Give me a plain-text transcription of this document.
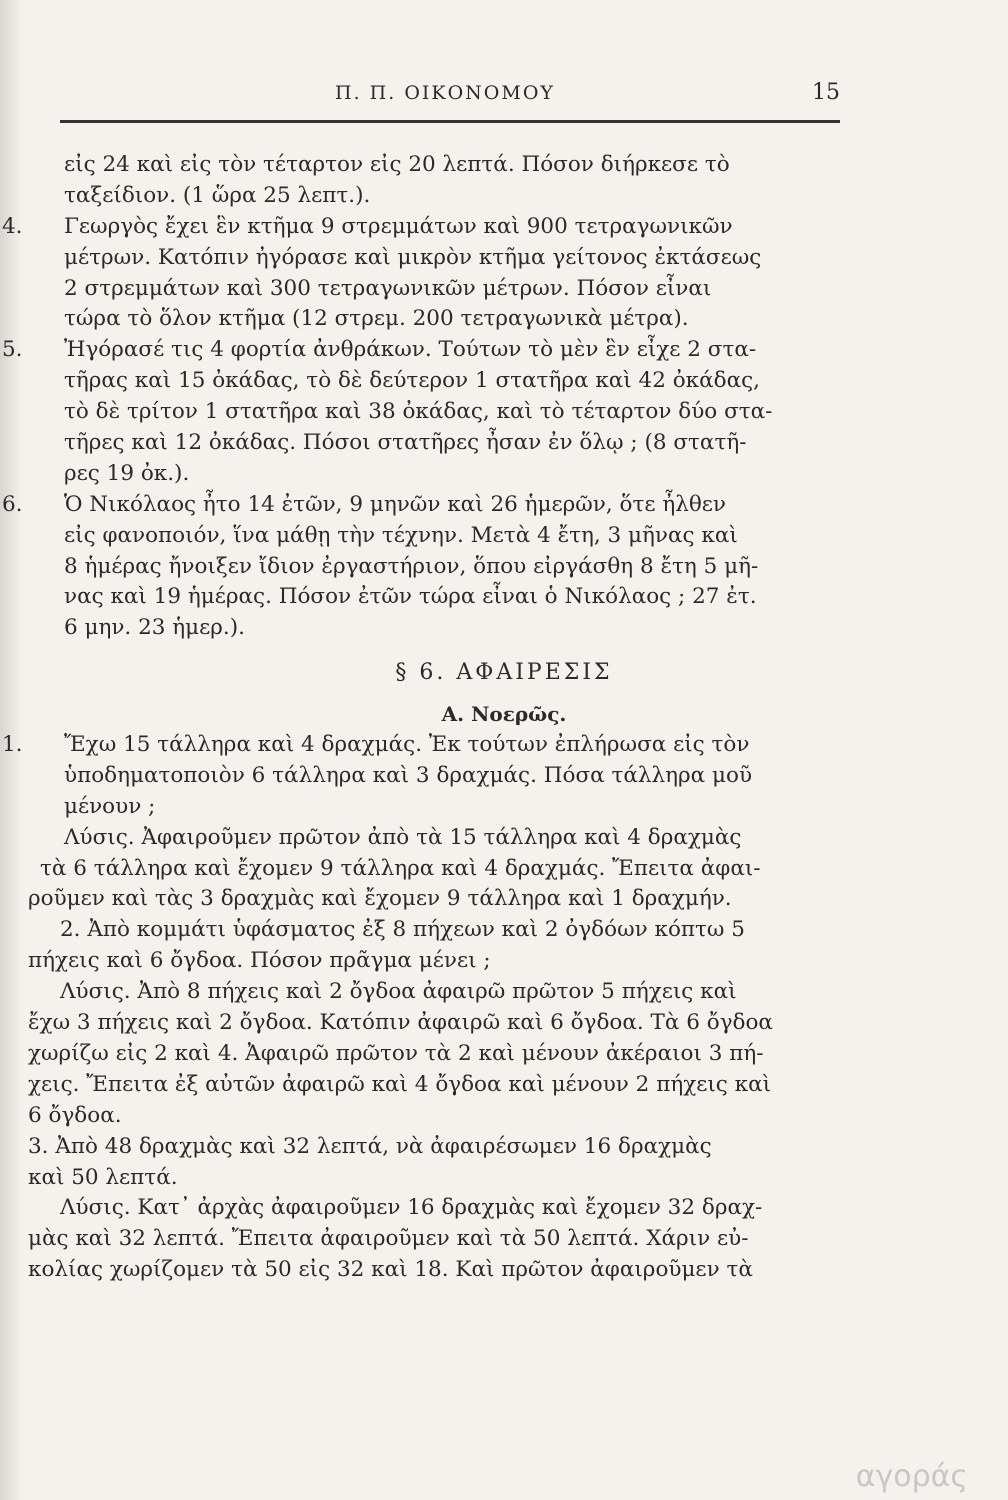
Π. Π. ΟΙΚΟΝΟΜΟΥ	15
εἰς 24 καὶ εἰς τὸν τέταρτον εἰς 20 λεπτά. Πόσον διήρκεσε τὸ
ταξείδιον. (1 ὥρα 25 λεπτ.).
4. Γεωργὸς ἔχει ἓν κτῆμα 9 στρεμμάτων καὶ 900 τετραγωνικῶν
μέτρων. Κατόπιν ἠγόρασε καὶ μικρὸν κτῆμα γείτονος ἐκτάσεως
2 στρεμμάτων καὶ 300 τετραγωνικῶν μέτρων. Πόσον εἶναι
τώρα τὸ ὅλον κτῆμα (12 στρεμ. 200 τετραγωνικὰ μέτρα).
5. Ἠγόρασέ τις 4 φορτία ἀνθράκων. Τούτων τὸ μὲν ἓν εἶχε 2 στα-
τῆρας καὶ 15 ὀκάδας, τὸ δὲ δεύτερον 1 στατῆρα καὶ 42 ὀκάδας,
τὸ δὲ τρίτον 1 στατῆρα καὶ 38 ὀκάδας, καὶ τὸ τέταρτον δύο στα-
τῆρες καὶ 12 ὀκάδας. Πόσοι στατῆρες ἦσαν ἐν ὅλῳ ; (8 στατῆ-
ρες 19 ὀκ.).
6. Ὁ Νικόλαος ἦτο 14 ἐτῶν, 9 μηνῶν καὶ 26 ἡμερῶν, ὅτε ἦλθεν
εἰς φανοποιόν, ἵνα μάθῃ τὴν τέχνην. Μετὰ 4 ἔτη, 3 μῆνας καὶ
8 ἡμέρας ἤνοιξεν ἴδιον ἐργαστήριον, ὅπου εἰργάσθη 8 ἔτη 5 μῆ-
νας καὶ 19 ἡμέρας. Πόσον ἐτῶν τώρα εἶναι ὁ Νικόλαος ; 27 ἐτ.
6 μην. 23 ἡμερ.).
§ 6. ΑΦΑΙΡΕΣΙΣ
Α. Νοερῶς.
1. Ἔχω 15 τάλληρα καὶ 4 δραχμάς. Ἐκ τούτων ἐπλήρωσα εἰς τὸν
ὑποδηματοποιὸν 6 τάλληρα καὶ 3 δραχμάς. Πόσα τάλληρα μοῦ
μένουν ;
Λύσις. Ἀφαιροῦμεν πρῶτον ἀπὸ τὰ 15 τάλληρα καὶ 4 δραχμὰς
τὰ 6 τάλληρα καὶ ἔχομεν 9 τάλληρα καὶ 4 δραχμάς. Ἔπειτα ἀφαι-
ροῦμεν καὶ τὰς 3 δραχμὰς καὶ ἔχομεν 9 τάλληρα καὶ 1 δραχμήν.
2. Ἀπὸ κομμάτι ὑφάσματος ἐξ 8 πήχεων καὶ 2 ὀγδόων κόπτω 5
πήχεις καὶ 6 ὄγδοα. Πόσον πρᾶγμα μένει ;
Λύσις. Ἀπὸ 8 πήχεις καὶ 2 ὄγδοα ἀφαιρῶ πρῶτον 5 πήχεις καὶ
ἔχω 3 πήχεις καὶ 2 ὄγδοα. Κατόπιν ἀφαιρῶ καὶ 6 ὄγδοα. Τὰ 6 ὄγδοα
χωρίζω εἰς 2 καὶ 4. Ἀφαιρῶ πρῶτον τὰ 2 καὶ μένουν ἀκέραιοι 3 πή-
χεις. Ἔπειτα ἐξ αὐτῶν ἀφαιρῶ καὶ 4 ὄγδοα καὶ μένουν 2 πήχεις καὶ
6 ὄγδοα.
3. Ἀπὸ 48 δραχμὰς καὶ 32 λεπτά, νὰ ἀφαιρέσωμεν 16 δραχμὰς
καὶ 50 λεπτά.
Λύσις. Κατ᾽ ἀρχὰς ἀφαιροῦμεν 16 δραχμὰς καὶ ἔχομεν 32 δραχ-
μὰς καὶ 32 λεπτά. Ἔπειτα ἀφαιροῦμεν καὶ τὰ 50 λεπτά. Χάριν εὐ-
κολίας χωρίζομεν τὰ 50 εἰς 32 καὶ 18. Καὶ πρῶτον ἀφαιροῦμεν τὰ
αγοράς
